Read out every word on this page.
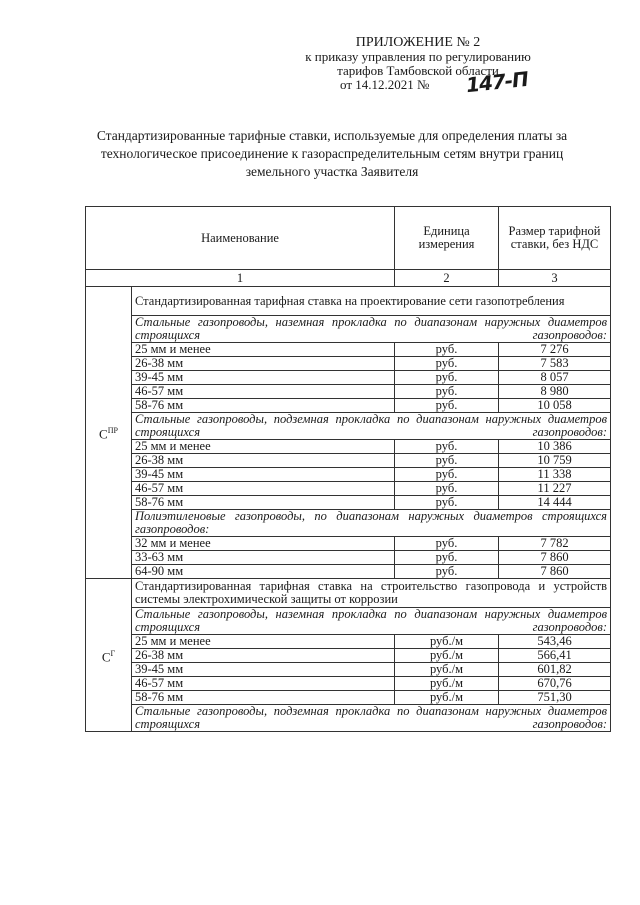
ПРИЛОЖЕНИЕ № 2
к приказу управления по регулированию
тарифов Тамбовской области
от 14.12.2021 №	147-П
Стандартизированные тарифные ставки, используемые для определения платы за технологическое присоединение к газораспределительным сетям внутри границ земельного участка Заявителя
Наименование		Единица измерения	Размер тарифной ставки, без НДС
1		2	3
$С^{ПР}$	Стандартизированная тарифная ставка на проектирование сети газопотребления		
	Стальные газопроводы, наземная прокладка по диапазонам наружных диаметров строящихся газопроводов:		
	25 мм и менее	руб.	7 276
	26-38 мм	руб.	7 583
	39-45 мм	руб.	8 057
	46-57 мм	руб.	8 980
	58-76 мм	руб.	10 058
	Стальные газопроводы, подземная прокладка по диапазонам наружных диаметров строящихся газопроводов:		
	25 мм и менее	руб.	10 386
	26-38 мм	руб.	10 759
	39-45 мм	руб.	11 338
	46-57 мм	руб.	11 227
	58-76 мм	руб.	14 444
	Полиэтиленовые газопроводы, по диапазонам наружных диаметров строящихся газопроводов:		
	32 мм и менее	руб.	7 782
	33-63 мм	руб.	7 860
	64-90 мм	руб.	7 860
$С^Г$	Стандартизированная тарифная ставка на строительство газопровода и устройств системы электрохимической защиты от коррозии		
	Стальные газопроводы, наземная прокладка по диапазонам наружных диаметров строящихся газопроводов:		
	25 мм и менее	руб./м	543,46
	26-38 мм	руб./м	566,41
	39-45 мм	руб./м	601,82
	46-57 мм	руб./м	670,76
	58-76 мм	руб./м	751,30
	Стальные газопроводы, подземная прокладка по диапазонам наружных диаметров строящихся газопроводов:		
